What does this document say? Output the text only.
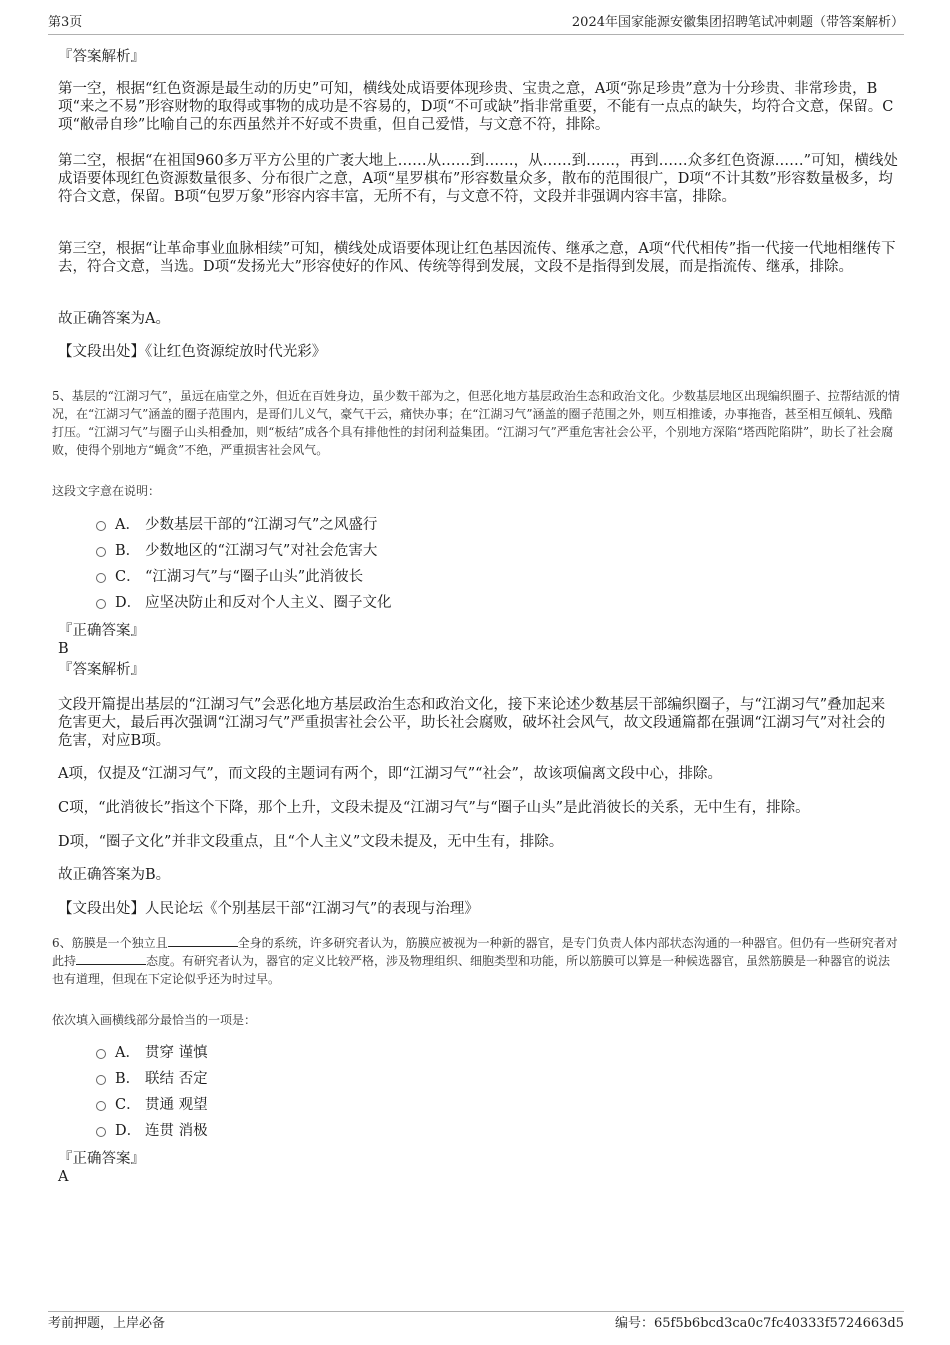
第3页	2024年国家能源安徽集团招聘笔试冲刺题（带答案解析）
『答案解析』

第一空，根据“红色资源是最生动的历史”可知，横线处成语要体现珍贵、宝贵之意，A项“弥足珍贵”意为十分珍贵、非常珍贵，B项“来之不易”形容财物的取得或事物的成功是不容易的，D项“不可或缺”指非常重要，不能有一点点的缺失，均符合文意，保留。C项“敝帚自珍”比喻自己的东西虽然并不好或不贵重，但自己爱惜，与文意不符，排除。

第二空，根据“在祖国960多万平方公里的广袤大地上……从……到……，从……到……，再到……众多红色资源……”可知，横线处成语要体现红色资源数量很多、分布很广之意，A项“星罗棋布”形容数量众多，散布的范围很广，D项“不计其数”形容数量极多，均符合文意，保留。B项“包罗万象”形容内容丰富，无所不有，与文意不符，文段并非强调内容丰富，排除。

第三空，根据“让革命事业血脉相续”可知，横线处成语要体现让红色基因流传、继承之意，A项“代代相传”指一代接一代地相继传下去，符合文意，当选。D项“发扬光大”形容使好的作风、传统等得到发展，文段不是指得到发展，而是指流传、继承，排除。

故正确答案为A。
【文段出处】《让红色资源绽放时代光彩》

5、基层的“江湖习气”，虽远在庙堂之外，但近在百姓身边，虽少数干部为之，但恶化地方基层政治生态和政治文化。少数基层地区出现编织圈子、拉帮结派的情况，在“江湖习气”涵盖的圈子范围内，是哥们儿义气，豪气干云，痛快办事；在“江湖习气”涵盖的圈子范围之外，则互相推诿，办事拖沓，甚至相互倾轧、残酷打压。“江湖习气”与圈子山头相叠加，则“板结”成各个具有排他性的封闭利益集团。“江湖习气”严重危害社会公平，个别地方深陷“塔西陀陷阱”，助长了社会腐败，使得个别地方“蝇贪”不绝，严重损害社会风气。

这段文字意在说明：
A． 少数基层干部的“江湖习气”之风盛行
B． 少数地区的“江湖习气”对社会危害大
C． “江湖习气”与“圈子山头”此消彼长
D． 应坚决防止和反对个人主义、圈子文化
『正确答案』
B
『答案解析』

文段开篇提出基层的“江湖习气”会恶化地方基层政治生态和政治文化，接下来论述少数基层干部编织圈子，与“江湖习气”叠加起来危害更大，最后再次强调“江湖习气”严重损害社会公平，助长社会腐败，破坏社会风气，故文段通篇都在强调“江湖习气”对社会的危害，对应B项。

A项，仅提及“江湖习气”，而文段的主题词有两个，即“江湖习气”“社会”，故该项偏离文段中心，排除。
C项，“此消彼长”指这个下降，那个上升，文段未提及“江湖习气”与“圈子山头”是此消彼长的关系，无中生有，排除。
D项，“圈子文化”并非文段重点，且“个人主义”文段未提及，无中生有，排除。
故正确答案为B。
【文段出处】人民论坛《个别基层干部“江湖习气”的表现与治理》

6、筋膜是一个独立且	全身的系统，许多研究者认为，筋膜应被视为一种新的器官，是专门负责人体内部状态沟通的一种器官。但仍有一些研究者对此持	态度。有研究者认为，器官的定义比较严格，涉及物理组织、细胞类型和功能，所以筋膜可以算是一种候选器官，虽然筋膜是一种器官的说法也有道理，但现在下定论似乎还为时过早。

依次填入画横线部分最恰当的一项是：
A． 贯穿 谨慎
B． 联结 否定
C． 贯通 观望
D． 连贯 消极
『正确答案』
A
考前押题，上岸必备	编号：65f5b6bcd3ca0c7fc40333f5724663d5
